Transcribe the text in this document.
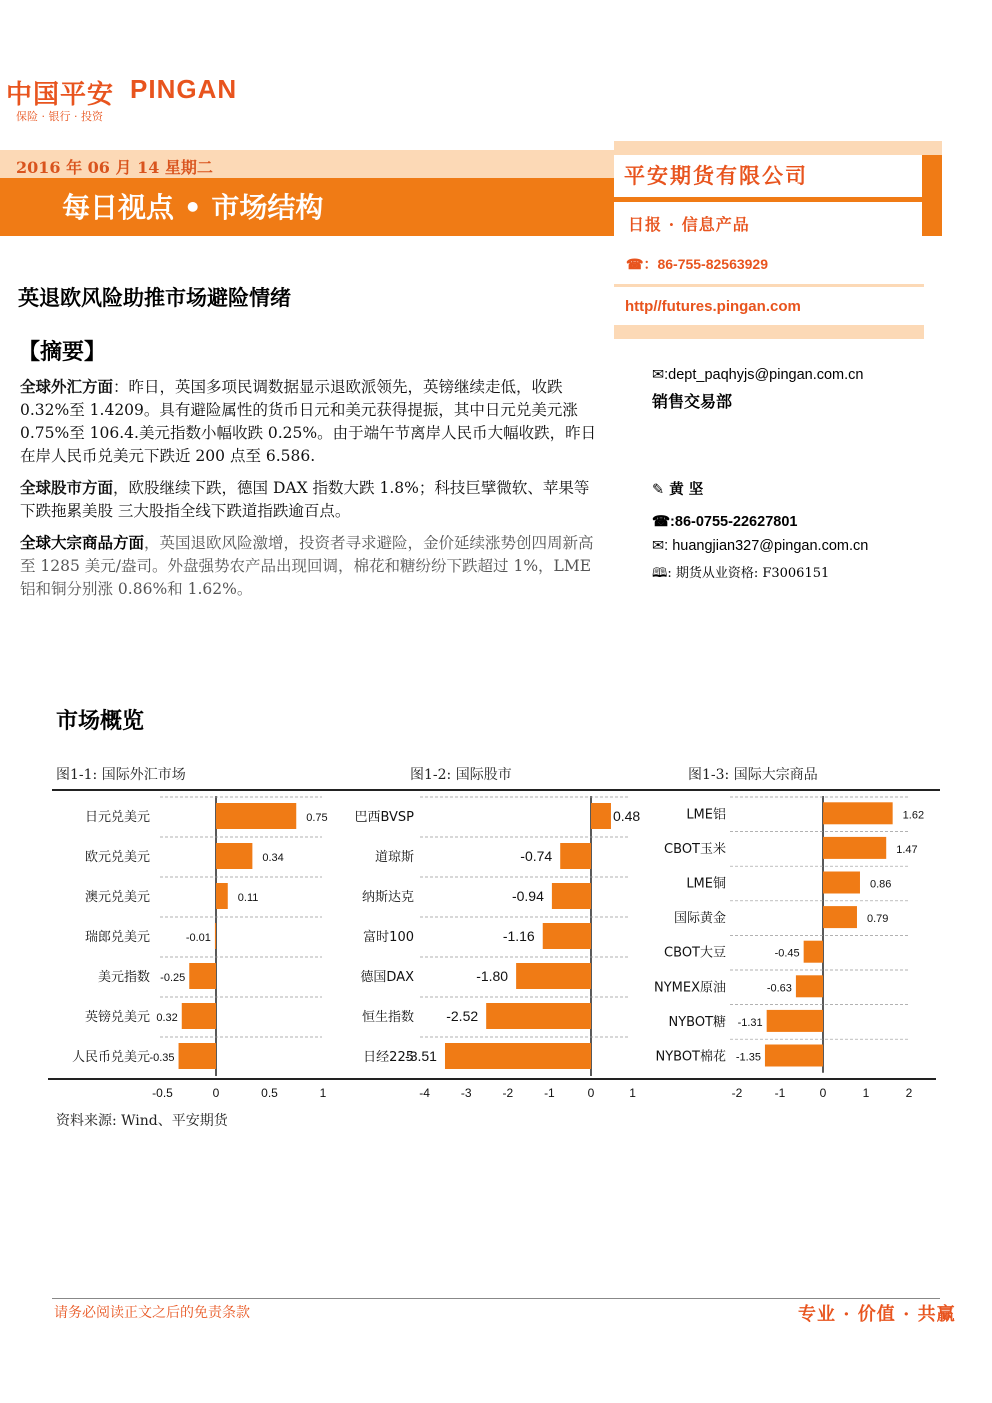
中国平安 PINGAN
保险 · 银行 · 投资
2016 年 06 月 14 星期二
每日视点 • 市场结构
平安期货有限公司
日报 · 信息产品
☎：86-755-82563929
http//futures.pingan.com
✉:dept_paqhyjs@pingan.com.cn
销售交易部
✎ 黄 坚
☎:86-0755-22627801
✉: huangjian327@pingan.com.cn
🕮: 期货从业资格: F3006151
英退欧风险助推市场避险情绪
【摘要】
全球外汇方面：昨日，英国多项民调数据显示退欧派领先，英镑继续走低，收跌 0.32%至 1.4209。具有避险属性的货币日元和美元获得提振，其中日元兑美元涨 0.75%至 106.4.美元指数小幅收跌 0.25%。由于端午节离岸人民币大幅收跌，昨日在岸人民币兑美元下跌近 200 点至 6.586.
全球股市方面，欧股继续下跌，德国 DAX 指数大跌 1.8%；科技巨擘微软、苹果等下跌拖累美股 三大股指全线下跌道指跌逾百点。
全球大宗商品方面，英国退欧风险激增，投资者寻求避险，金价延续涨势创四周新高至 1285 美元/盎司。外盘强势农产品出现回调，棉花和糖纷纷下跌超过 1%，LME 铝和铜分别涨 0.86%和 1.62%。
市场概览
图1-1: 国际外汇市场	图1-2: 国际股市	图1-3: 国际大宗商品
日元兑美元	0.75
欧元兑美元	0.34
澳元兑美元	0.11
瑞郎兑美元	-0.01
美元指数 -0.25
英镑兑美元 0.32
人民币兑美元 -0.35
-0.5	0	0.5	1
巴西BVSP	0.48
道琼斯	-0.74
纳斯达克	-0.94
富时100	-1.16
德国DAX	-1.80
恒生指数 -2.52
日经225
-3.51
-4	-3	-2	-1	0	1
LME铝	1.62
CBOT玉米	1.47
LME铜	0.86
国际黄金	0.79
CBOT大豆	-0.45
NYMEX原油	-0.63
NYBOT糖 -1.31
NYBOT棉花 -1.35
-2	-1	0	1	2
资料来源: Wind、平安期货
请务必阅读正文之后的免责条款	专业 · 价值 · 共赢
